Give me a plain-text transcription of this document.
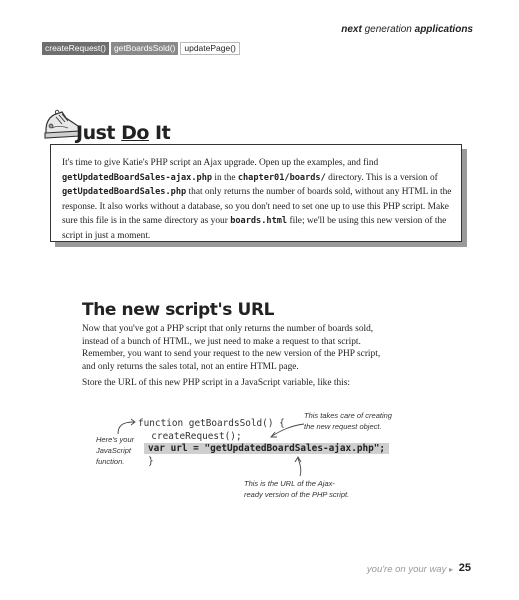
next generation applications
createRequest() getBoardsSold()	updatePage()
Just Do It
It's time to give Katie's PHP script an Ajax upgrade. Open up the examples, and find getUpdatedBoardSales-ajax.php in the chapter01/boards/ directory. This is a version of getUpdatedBoardSales.php that only returns the number of boards sold, without any HTML in the response. It also works without a database, so you don't need to set one up to use this PHP script. Make sure this file is in the same directory as your boards.html file; we'll be using this new version of the script in just a moment.
The new script's URL

Now that you've got a PHP script that only returns the number of boards sold, instead of a bunch of HTML, we just need to make a request to that script. Remember, you want to send your request to the new version of the PHP script, and only returns the sales total, not an entire HTML page.

Store the URL of this new PHP script in a JavaScript variable, like this:

function getBoardsSold() {
createRequest();
var url = "getUpdatedBoardSales-ajax.php";
}
Here's your
JavaScript
function.
This takes care of creating
the new request object.
This is the URL of the Ajax-
ready version of the PHP script.
you're on your way ▸ 25
